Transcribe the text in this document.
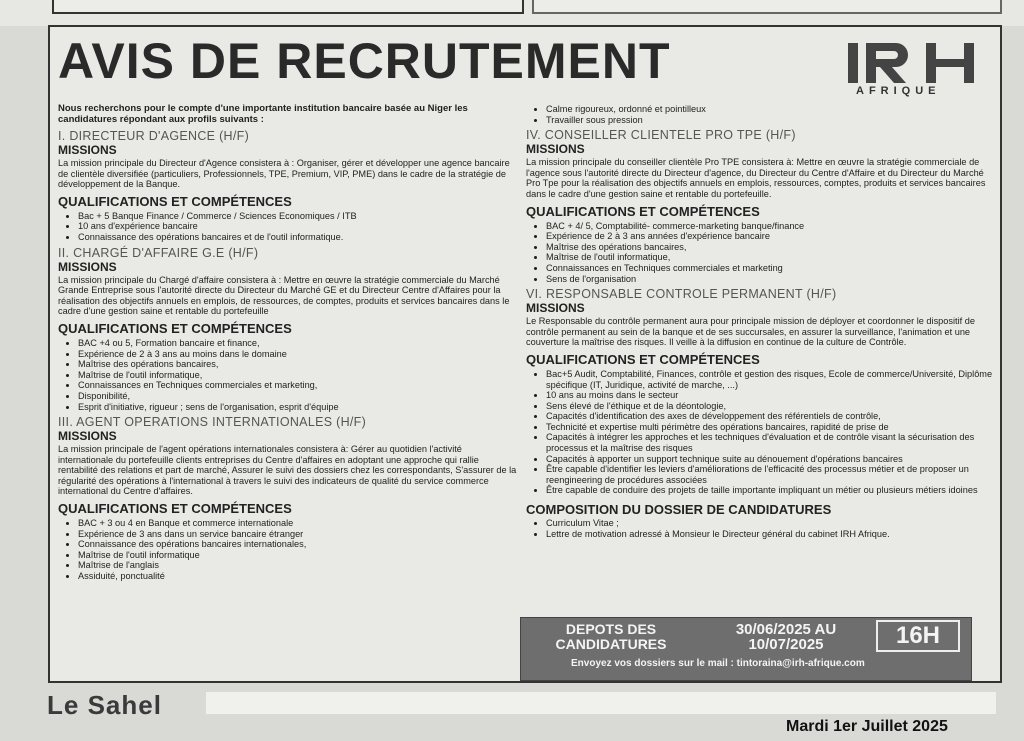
AVIS DE RECRUTEMENT
AFRIQUE
Nous recherchons pour le compte d'une importante institution bancaire basée au Niger les candidatures répondant aux profils suivants :
I. DIRECTEUR D'AGENCE (H/F)
MISSIONS
La mission principale du Directeur d'Agence consistera à : Organiser, gérer et développer une agence bancaire de clientèle diversifiée (particuliers, Professionnels, TPE, Premium, VIP, PME) dans le cadre de la stratégie de développement de la Banque.
QUALIFICATIONS ET COMPÉTENCES
• Bac + 5 Banque Finance / Commerce / Sciences Economiques / ITB
• 10 ans d'expérience bancaire
• Connaissance des opérations bancaires et de l'outil informatique.
II. CHARGÉ D'AFFAIRE G.E (H/F)
MISSIONS
La mission principale du Chargé d'affaire consistera à : Mettre en œuvre la stratégie commerciale du Marché Grande Entreprise sous l'autorité directe du Directeur du Marché GE et du Directeur Centre d'Affaires pour la réalisation des objectifs annuels en emplois, de ressources, de comptes, produits et services bancaires dans le cadre d'une gestion saine et rentable du portefeuille
QUALIFICATIONS ET COMPÉTENCES
• BAC +4 ou 5, Formation bancaire et finance,
• Expérience de 2 à 3 ans au moins dans le domaine
• Maîtrise des opérations bancaires,
• Maîtrise de l'outil informatique,
• Connaissances en Techniques commerciales et marketing,
• Disponibilité,
• Esprit d'initiative, rigueur ; sens de l'organisation, esprit d'équipe
III. AGENT OPERATIONS INTERNATIONALES (H/F)
MISSIONS
La mission principale de l'agent opérations internationales consistera à: Gérer au quotidien l'activité internationale du portefeuille clients entreprises du Centre d'affaires en adoptant une approche qui rallie rentabilité des relations et part de marché, Assurer le suivi des dossiers chez les correspondants, S'assurer de la régularité des opérations à l'international à travers le suivi des indicateurs de qualité du service commerce international du Centre d'affaires.
QUALIFICATIONS ET COMPÉTENCES
• BAC + 3 ou 4 en Banque et commerce internationale
• Expérience de 3 ans dans un service bancaire étranger
• Connaissance des opérations bancaires internationales,
• Maîtrise de l'outil informatique
• Maîtrise de l'anglais
• Assiduité, ponctualité
• Calme rigoureux, ordonné et pointilleux
• Travailler sous pression
IV. CONSEILLER CLIENTELE PRO TPE (H/F)
MISSIONS
La mission principale du conseiller clientèle Pro TPE consistera à: Mettre en œuvre la stratégie commerciale de l'agence sous l'autorité directe du Directeur d'agence, du Directeur du Centre d'Affaire et du Directeur du Marché Pro Tpe pour la réalisation des objectifs annuels en emplois, ressources, comptes, produits et services bancaires dans le cadre d'une gestion saine et rentable du portefeuille.
QUALIFICATIONS ET COMPÉTENCES
• BAC + 4/ 5, Comptabilité- commerce-marketing banque/finance
• Expérience de 2 à 3 ans années d'expérience bancaire
• Maîtrise des opérations bancaires,
• Maîtrise de l'outil informatique,
• Connaissances en Techniques commerciales et marketing
• Sens de l'organisation
VI. RESPONSABLE CONTROLE PERMANENT (H/F)
MISSIONS
Le Responsable du contrôle permanent aura pour principale mission de déployer et coordonner le dispositif de contrôle permanent au sein de la banque et de ses succursales, en assurer la surveillance, l'animation et une couverture la maîtrise des risques. Il veille à la diffusion en continue de la culture de Contrôle.
QUALIFICATIONS ET COMPÉTENCES
• Bac+5 Audit, Comptabilité, Finances, contrôle et gestion des risques, Ecole de commerce/Université, Diplôme spécifique (IT, Juridique, activité de marche, ...)
• 10 ans au moins dans le secteur
• Sens élevé de l'éthique et de la déontologie,
• Capacités d'identification des axes de développement des référentiels de contrôle,
• Technicité et expertise multi périmètre des opérations bancaires, rapidité de prise de
• Capacités à intégrer les approches et les techniques d'évaluation et de contrôle visant la sécurisation des processus et la maîtrise des risques
• Capacités à apporter un support technique suite au dénouement d'opérations bancaires
• Être capable d'identifier les leviers d'améliorations de l'efficacité des processus métier et de proposer un reengineering de procédures associées
• Être capable de conduire des projets de taille importante impliquant un métier ou plusieurs métiers idoines
COMPOSITION DU DOSSIER DE CANDIDATURES
• Curriculum Vitae ;
• Lettre de motivation adressé à Monsieur le Directeur général du cabinet IRH Afrique.
DEPOTS DES CANDIDATURES
30/06/2025 AU 10/07/2025	16H
Envoyez vos dossiers sur le mail : tintoraina@irh-afrique.com
Le Sahel
Mardi 1er Juillet 2025
